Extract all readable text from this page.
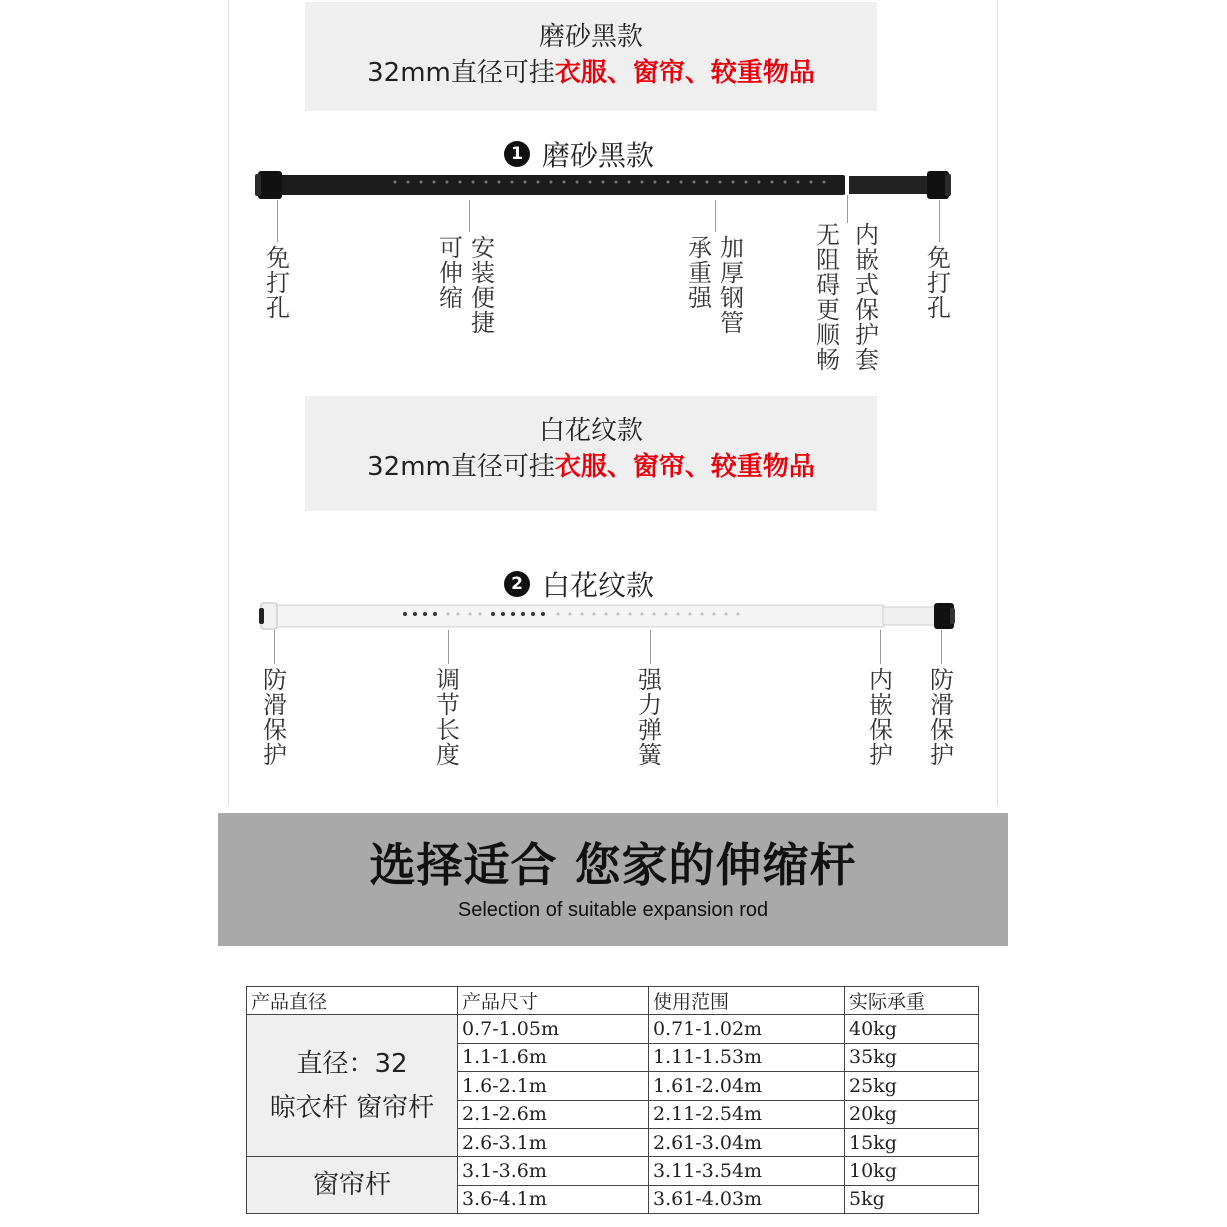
磨砂黑款
32mm直径可挂衣服、窗帘、较重物品
1 磨砂黑款
免打孔
可伸缩
安装便捷
承重强
加厚钢管
无阻碍更顺畅
内嵌式保护套
免打孔
白花纹款
32mm直径可挂衣服、窗帘、较重物品
2 白花纹款
防滑保护
调节长度
强力弹簧
内嵌保护
防滑保护
选择适合 您家的伸缩杆
Selection of suitable expansion rod
产品直径	产品尺寸	使用范围	实际承重

直径：32
晾衣杆 窗帘杆	0.7-1.05m	0.71-1.02m	40kg
	1.1-1.6m	1.11-1.53m	35kg
	1.6-2.1m	1.61-2.04m	25kg
	2.1-2.6m	2.11-2.54m	20kg
	2.6-3.1m	2.61-3.04m	15kg
窗帘杆	3.1-3.6m	3.11-3.54m	10kg
	3.6-4.1m	3.61-4.03m	5kg
